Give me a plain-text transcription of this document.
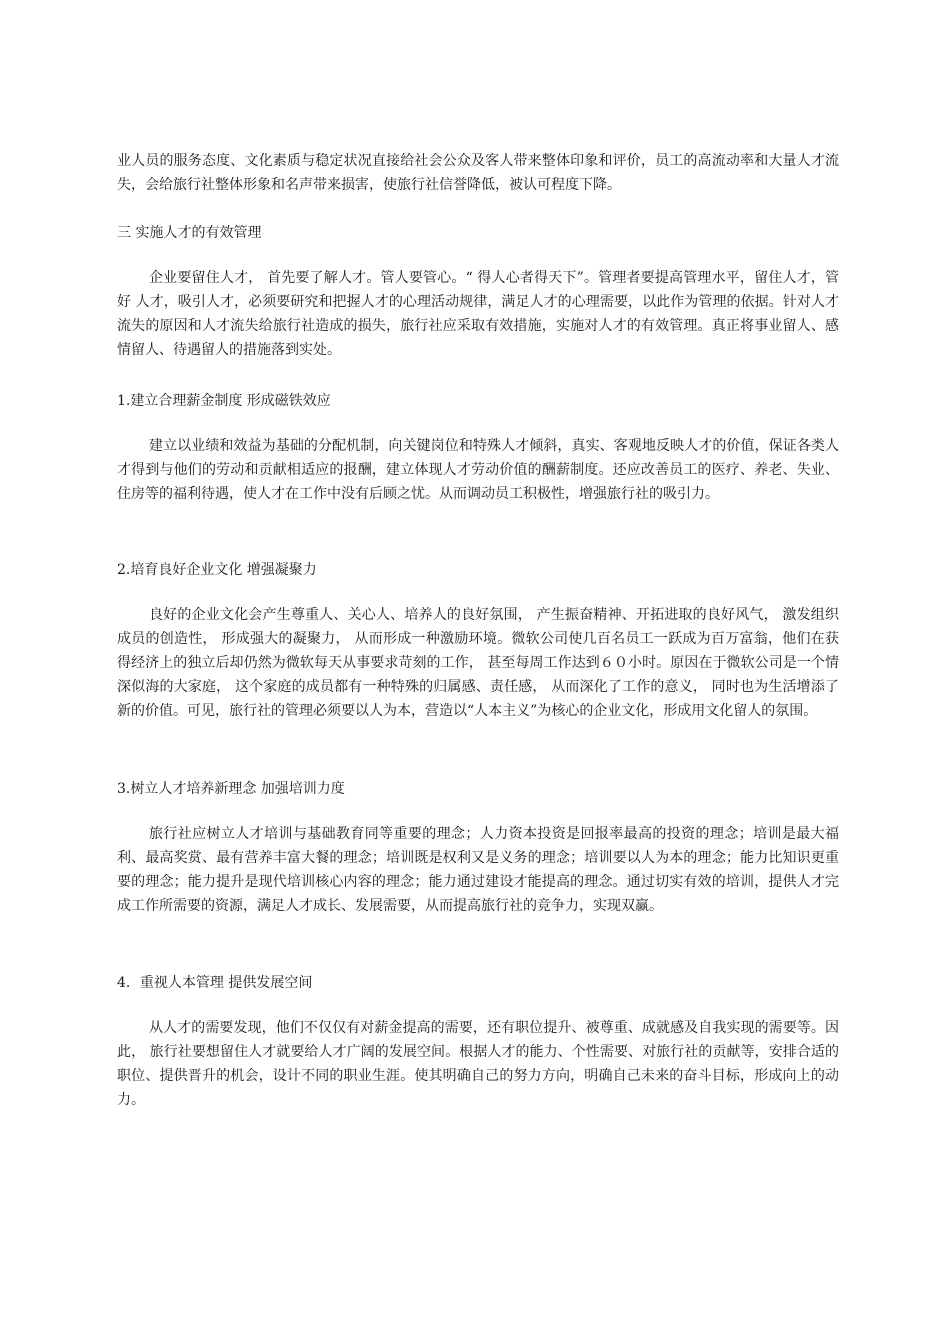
业人员的服务态度、文化素质与稳定状况直接给社会公众及客人带来整体印象和评价，员工的高流动率和大量人才流失，会给旅行社整体形象和名声带来损害，使旅行社信誉降低，被认可程度下降。

三 实施人才的有效管理

企业要留住人才， 首先要了解人才。管人要管心。“ 得人心者得天下”。管理者要提高管理水平，留住人才，管好 人才，吸引人才，必须要研究和把握人才的心理活动规律，满足人才的心理需要，以此作为管理的依据。针对人才流失的原因和人才流失给旅行社造成的损失，旅行社应采取有效措施，实施对人才的有效管理。真正将事业留人、感情留人、待遇留人的措施落到实处。

1.建立合理薪金制度 形成磁铁效应

建立以业绩和效益为基础的分配机制，向关键岗位和特殊人才倾斜，真实、客观地反映人才的价值，保证各类人才得到与他们的劳动和贡献相适应的报酬，建立体现人才劳动价值的酬薪制度。还应改善员工的医疗、养老、失业、住房等的福利待遇，使人才在工作中没有后顾之忧。从而调动员工积极性，增强旅行社的吸引力。

2.培育良好企业文化 增强凝聚力

良好的企业文化会产生尊重人、关心人、培养人的良好氛围， 产生振奋精神、开拓进取的良好风气， 激发组织成员的创造性， 形成强大的凝聚力， 从而形成一种激励环境。微软公司使几百名员工一跃成为百万富翁，他们在获得经济上的独立后却仍然为微软每天从事要求苛刻的工作， 甚至每周工作达到６０小时。原因在于微软公司是一个情深似海的大家庭， 这个家庭的成员都有一种特殊的归属感、责任感， 从而深化了工作的意义， 同时也为生活增添了新的价值。可见，旅行社的管理必须要以人为本，营造以“人本主义”为核心的企业文化，形成用文化留人的氛围。

3.树立人才培养新理念 加强培训力度

旅行社应树立人才培训与基础教育同等重要的理念；人力资本投资是回报率最高的投资的理念；培训是最大福利、最高奖赏、最有营养丰富大餐的理念；培训既是权利又是义务的理念；培训要以人为本的理念；能力比知识更重要的理念；能力提升是现代培训核心内容的理念；能力通过建设才能提高的理念。通过切实有效的培训，提供人才完成工作所需要的资源，满足人才成长、发展需要，从而提高旅行社的竞争力，实现双赢。

4．重视人本管理 提供发展空间

从人才的需要发现，他们不仅仅有对薪金提高的需要，还有职位提升、被尊重、成就感及自我实现的需要等。因此， 旅行社要想留住人才就要给人才广阔的发展空间。根据人才的能力、个性需要、对旅行社的贡献等，安排合适的职位、提供晋升的机会，设计不同的职业生涯。使其明确自己的努力方向，明确自己未来的奋斗目标，形成向上的动力。
